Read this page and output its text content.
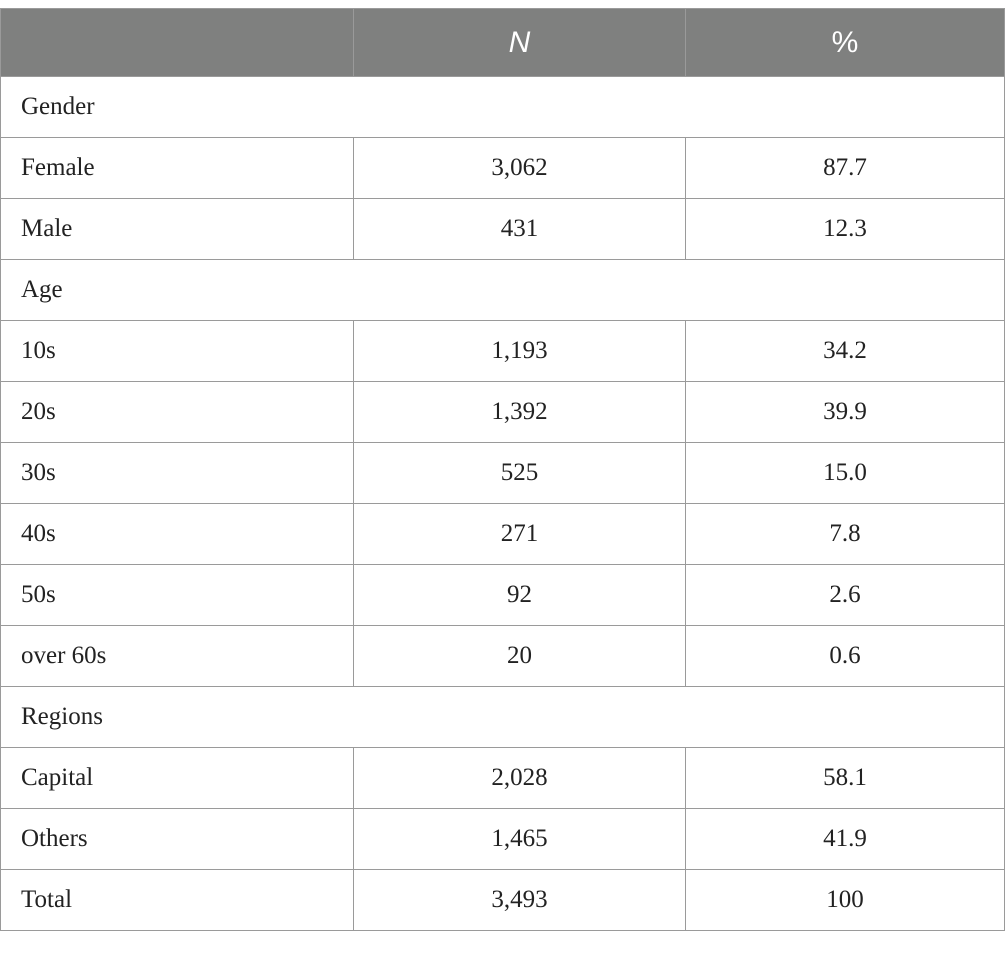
	N	%
Gender		
Female	3,062	87.7
Male	431	12.3
Age		
10s	1,193	34.2
20s	1,392	39.9
30s	525	15.0
40s	271	7.8
50s	92	2.6
over 60s	20	0.6
Regions		
Capital	2,028	58.1
Others	1,465	41.9
Total	3,493	100
